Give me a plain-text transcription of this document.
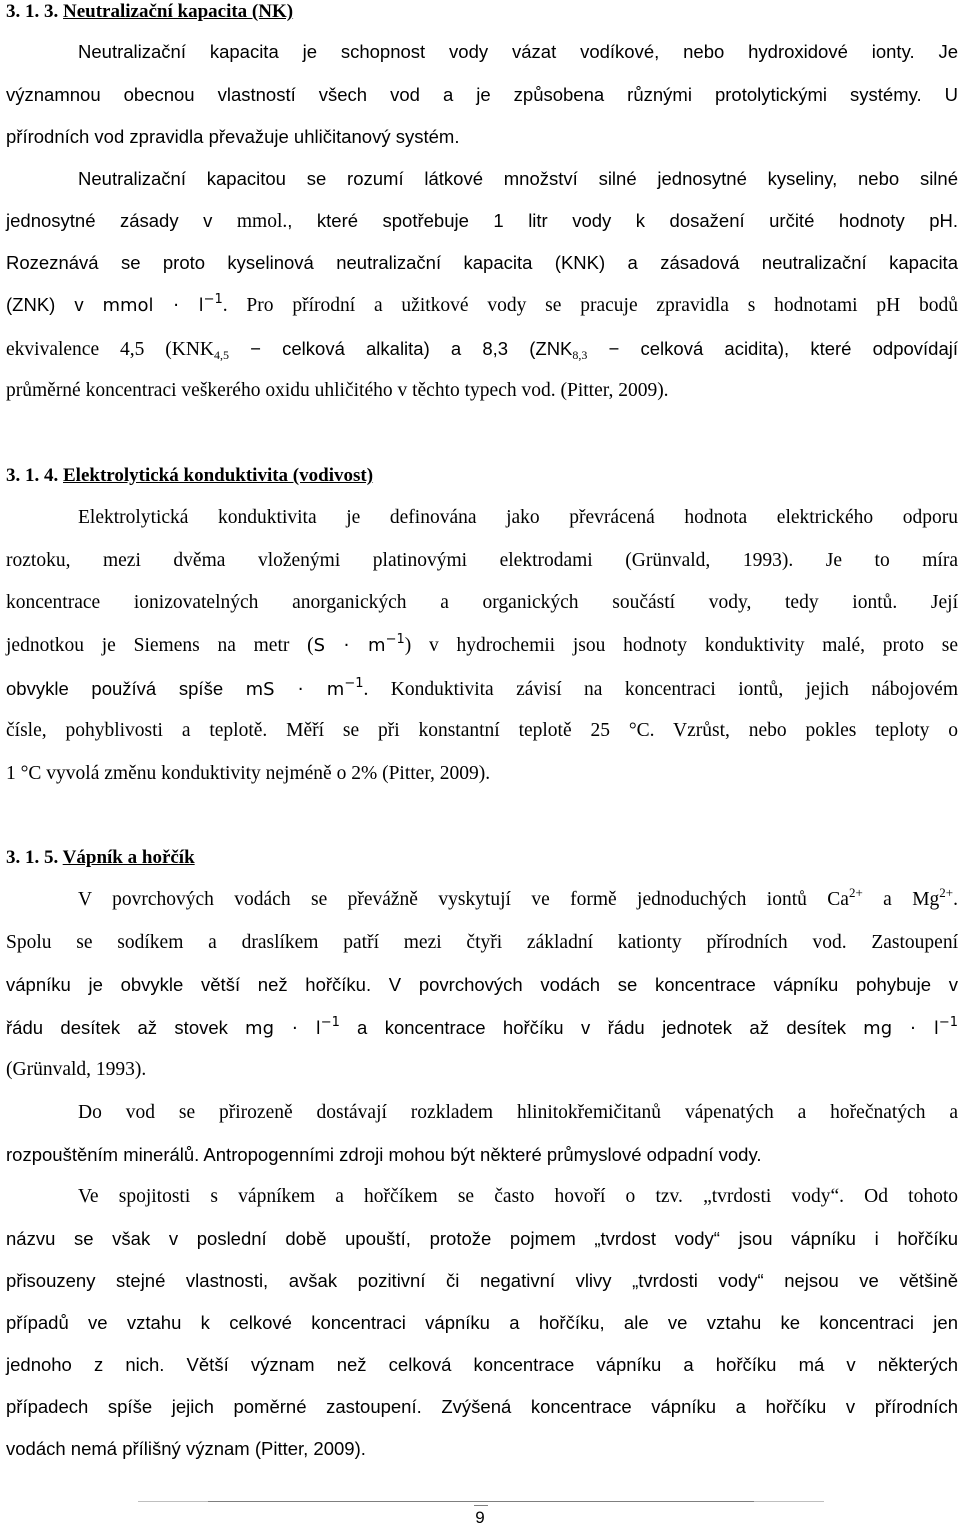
3. 1. 3. Neutralizační kapacita (NK)
Neutralizační kapacita je schopnost vody vázat vodíkové, nebo hydroxidové ionty. Je
významnou obecnou vlastností všech vod a je způsobena různými protolytickými systémy. U
přírodních vod zpravidla převažuje uhličitanový systém.
Neutralizační kapacitou se rozumí látkové množství silné jednosytné kyseliny, nebo silné
jednosytné zásady v mmol., které spotřebuje 1 litr vody k dosažení určité hodnoty pH.
Rozeznává se proto kyselinová neutralizační kapacita (KNK) a zásadová neutralizační kapacita
(ZNK) v mmol · $l^{-1}$. Pro přírodní a užitkové vody se pracuje zpravidla s hodnotami pH bodů
ekvivalence 4,5 ($KNK_{4,5}$ − celková alkalita) a 8,3 ($ZNK_{8,3}$ − celková acidita), které odpovídají
průměrné koncentraci veškerého oxidu uhličitého v těchto typech vod. (Pitter, 2009).
3. 1. 4. Elektrolytická konduktivita (vodivost)
Elektrolytická konduktivita je definována jako převrácená hodnota elektrického odporu
roztoku, mezi dvěma vloženými platinovými elektrodami (Grünvald, 1993). Je to míra
koncentrace ionizovatelných anorganických a organických součástí vody, tedy iontů. Její
jednotkou je Siemens na metr $(S \cdot m^{-1})$ v hydrochemii jsou hodnoty konduktivity malé, proto se
obvykle používá spíše mS · $m^{-1}$. Konduktivita závisí na koncentraci iontů, jejich nábojovém
čísle, pohyblivosti a teplotě. Měří se při konstantní teplotě 25 °C. Vzrůst, nebo pokles teploty o
1 °C vyvolá změnu konduktivity nejméně o 2% (Pitter, 2009).
3. 1. 5. Vápník a hořčík
V povrchových vodách se převážně vyskytují ve formě jednoduchých iontů $Ca^{2+}$ a $Mg^{2+}$.
Spolu se sodíkem a draslíkem patří mezi čtyři základní kationty přírodních vod. Zastoupení
vápníku je obvykle větší než hořčíku. V povrchových vodách se koncentrace vápníku pohybuje v
řádu desítek až stovek mg · $l^{-1}$ a koncentrace hořčíku v řádu jednotek až desítek mg · $l^{-1}$
(Grünvald, 1993).
Do vod se přirozeně dostávají rozkladem hlinitokřemičitanů vápenatých a hořečnatých a
rozpouštěním minerálů. Antropogenními zdroji mohou být některé průmyslové odpadní vody.
Ve spojitosti s vápníkem a hořčíkem se často hovoří o tzv. „tvrdosti vody“. Od tohoto
názvu se však v poslední době upouští, protože pojmem „tvrdost vody“ jsou vápníku i hořčíku
přisouzeny stejné vlastnosti, avšak pozitivní či negativní vlivy „tvrdosti vody“ nejsou ve většině
případů ve vztahu k celkové koncentraci vápníku a hořčíku, ale ve vztahu ke koncentraci jen
jednoho z nich. Větší význam než celková koncentrace vápníku a hořčíku má v některých
případech spíše jejich poměrné zastoupení. Zvýšená koncentrace vápníku a hořčíku v přírodních
vodách nemá přílišný význam (Pitter, 2009).
9
